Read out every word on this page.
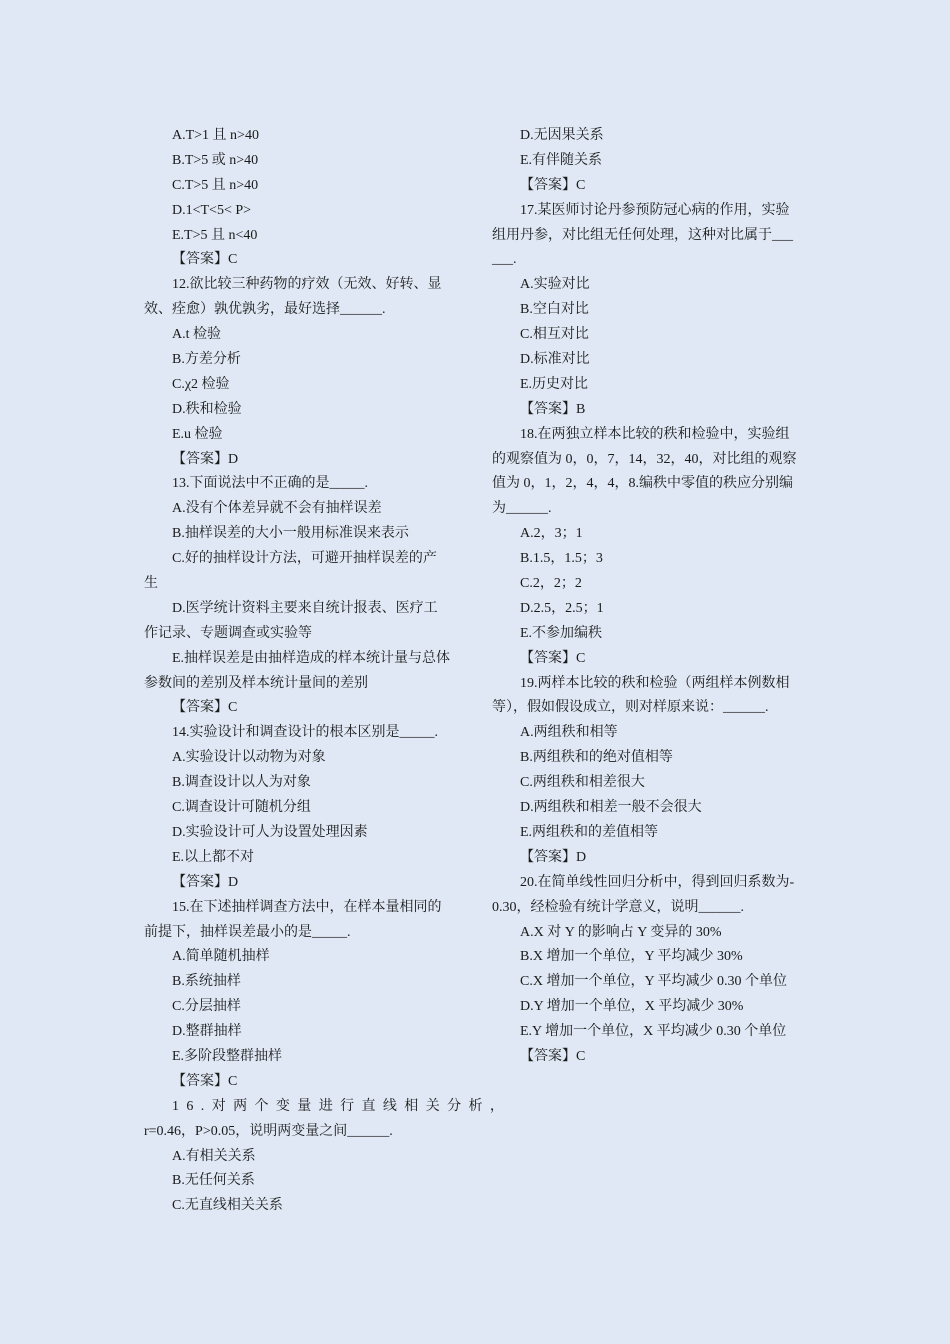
A.T>1 且 n>40
B.T>5 或 n>40
C.T>5 且 n>40
D.1<T<5< P>
E.T>5 且 n<40
【答案】C
12.欲比较三种药物的疗效（无效、好转、显
效、痊愈）孰优孰劣，最好选择______.
A.t 检验
B.方差分析
C.χ2 检验
D.秩和检验
E.u 检验
【答案】D
13.下面说法中不正确的是_____.
A.没有个体差异就不会有抽样误差
B.抽样误差的大小一般用标准误来表示
C.好的抽样设计方法，可避开抽样误差的产
生
D.医学统计资料主要来自统计报表、医疗工
作记录、专题调查或实验等
E.抽样误差是由抽样造成的样本统计量与总体
参数间的差别及样本统计量间的差别
【答案】C
14.实验设计和调查设计的根本区别是_____.
A.实验设计以动物为对象
B.调查设计以人为对象
C.调查设计可随机分组
D.实验设计可人为设置处理因素
E.以上都不对
【答案】D
15.在下述抽样调查方法中，在样本量相同的
前提下，抽样误差最小的是_____.
A.简单随机抽样
B.系统抽样
C.分层抽样
D.整群抽样
E.多阶段整群抽样
【答案】C
16.对两个变量进行直线相关分析，
r=0.46，P>0.05，说明两变量之间______.
A.有相关关系
B.无任何关系
C.无直线相关关系
D.无因果关系
E.有伴随关系
【答案】C
17.某医师讨论丹参预防冠心病的作用，实验
组用丹参，对比组无任何处理，这种对比属于___
___.
A.实验对比
B.空白对比
C.相互对比
D.标准对比
E.历史对比
【答案】B
18.在两独立样本比较的秩和检验中，实验组
的观察值为 0，0，7，14，32，40，对比组的观察
值为 0，1，2，4，4，8.编秩中零值的秩应分别编
为______.
A.2，3；1
B.1.5，1.5；3
C.2，2；2
D.2.5，2.5；1
E.不参加编秩
【答案】C
19.两样本比较的秩和检验（两组样本例数相
等），假如假设成立，则对样原来说：______.
A.两组秩和相等
B.两组秩和的绝对值相等
C.两组秩和相差很大
D.两组秩和相差一般不会很大
E.两组秩和的差值相等
【答案】D
20.在简单线性回归分析中，得到回归系数为-
0.30，经检验有统计学意义，说明______.
A.X 对 Y 的影响占 Y 变异的 30%
B.X 增加一个单位，Y 平均减少 30%
C.X 增加一个单位，Y 平均减少 0.30 个单位
D.Y 增加一个单位，X 平均减少 30%
E.Y 增加一个单位，X 平均减少 0.30 个单位
【答案】C
